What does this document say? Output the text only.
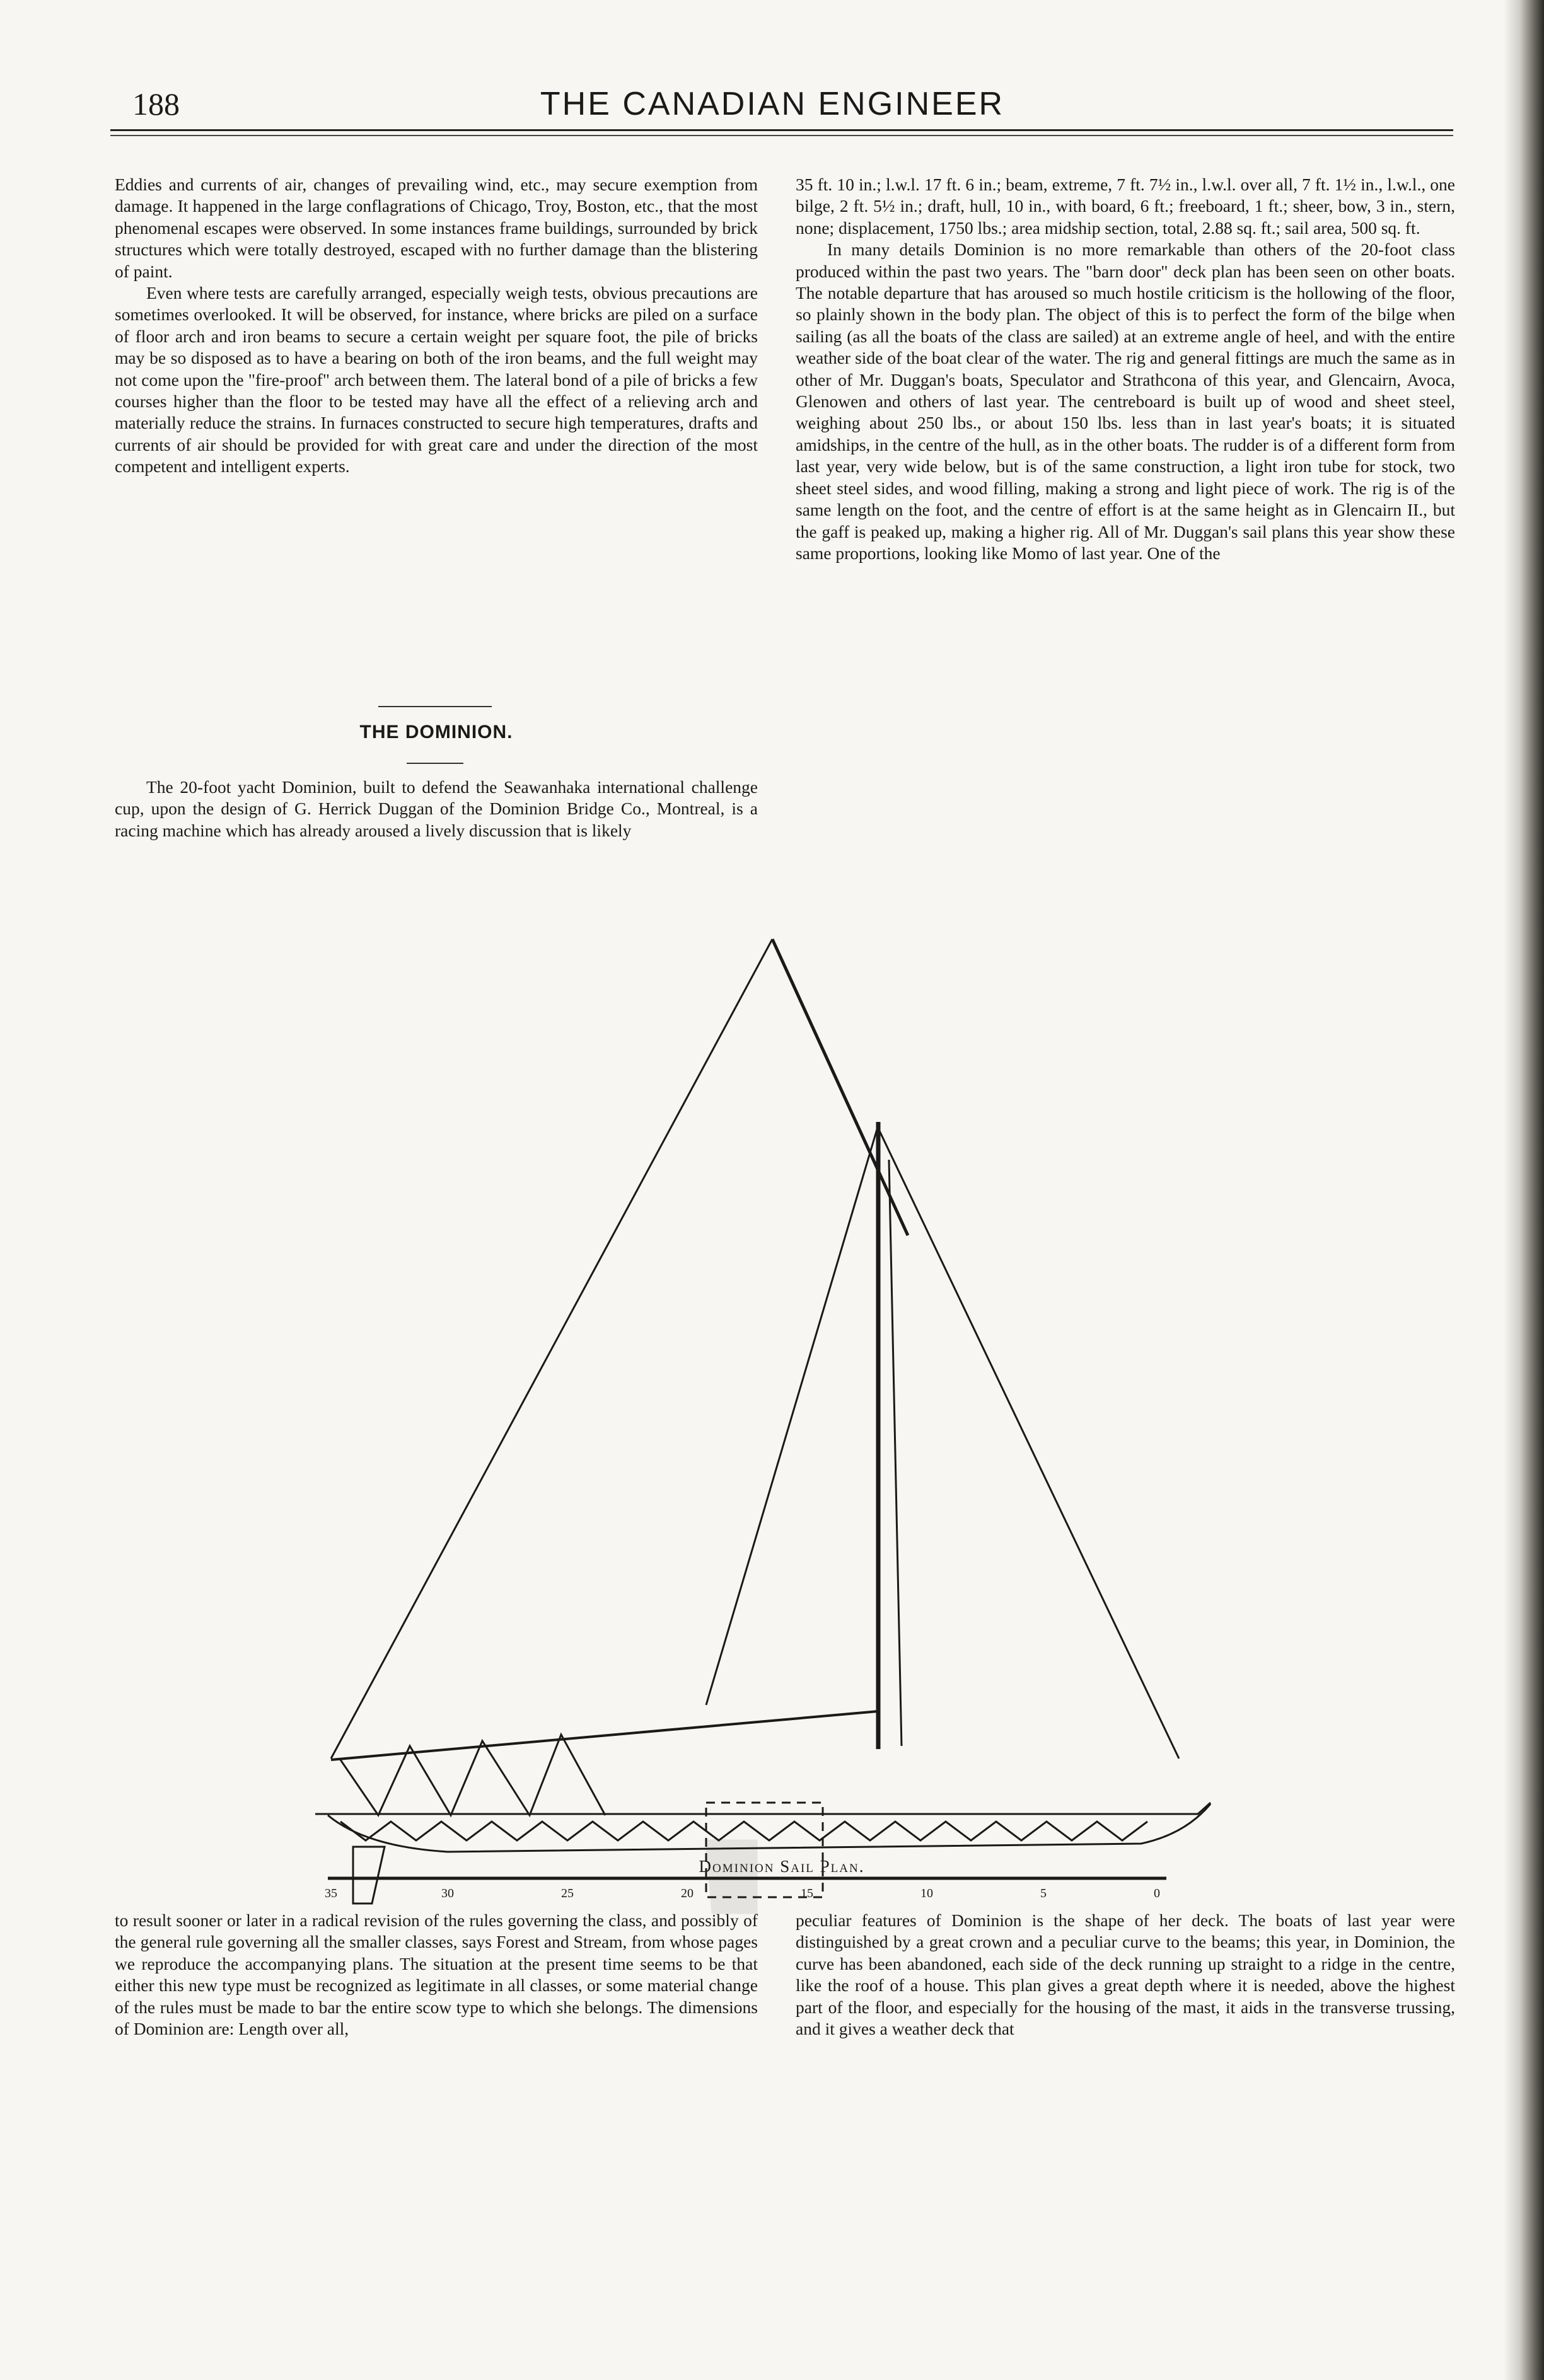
188	THE CANADIAN ENGINEER

Eddies and currents of air, changes of prevailing wind, etc., may secure exemption from damage. It happened in the large conflagrations of Chicago, Troy, Boston, etc., that the most phenomenal escapes were observed. In some instances frame buildings, surrounded by brick structures which were totally destroyed, escaped with no further damage than the blistering of paint.

Even where tests are carefully arranged, especially weigh tests, obvious precautions are sometimes overlooked. It will be observed, for instance, where bricks are piled on a surface of floor arch and iron beams to secure a certain weight per square foot, the pile of bricks may be so disposed as to have a bearing on both of the iron beams, and the full weight may not come upon the "fire-proof" arch between them. The lateral bond of a pile of bricks a few courses higher than the floor to be tested may have all the effect of a relieving arch and materially reduce the strains. In furnaces constructed to secure high temperatures, drafts and currents of air should be provided for with great care and under the direction of the most competent and intelligent experts.

THE DOMINION.

The 20-foot yacht Dominion, built to defend the Seawanhaka international challenge cup, upon the design of G. Herrick Duggan of the Dominion Bridge Co., Montreal, is a racing machine which has already aroused a lively discussion that is likely

35 ft. 10 in.; l.w.l. 17 ft. 6 in.; beam, extreme, 7 ft. 7½ in., l.w.l. over all, 7 ft. 1½ in., l.w.l., one bilge, 2 ft. 5½ in.; draft, hull, 10 in., with board, 6 ft.; freeboard, 1 ft.; sheer, bow, 3 in., stern, none; displacement, 1750 lbs.; area midship section, total, 2.88 sq. ft.; sail area, 500 sq. ft.

In many details Dominion is no more remarkable than others of the 20-foot class produced within the past two years. The "barn door" deck plan has been seen on other boats. The notable departure that has aroused so much hostile criticism is the hollowing of the floor, so plainly shown in the body plan. The object of this is to perfect the form of the bilge when sailing (as all the boats of the class are sailed) at an extreme angle of heel, and with the entire weather side of the boat clear of the water. The rig and general fittings are much the same as in other of Mr. Duggan's boats, Speculator and Strathcona of this year, and Glencairn, Avoca, Glenowen and others of last year. The centreboard is built up of wood and sheet steel, weighing about 250 lbs., or about 150 lbs. less than in last year's boats; it is situated amidships, in the centre of the hull, as in the other boats. The rudder is of a different form from last year, very wide below, but is of the same construction, a light iron tube for stock, two sheet steel sides, and wood filling, making a strong and light piece of work. The rig is of the same length on the foot, and the centre of effort is at the same height as in Glencairn II., but the gaff is peaked up, making a higher rig. All of Mr. Duggan's sail plans this year show these same proportions, looking like Momo of last year. One of the

35	30	25	20	15	10	5	0
Dominion Sail Plan.

to result sooner or later in a radical revision of the rules governing the class, and possibly of the general rule governing all the smaller classes, says Forest and Stream, from whose pages we reproduce the accompanying plans. The situation at the present time seems to be that either this new type must be recognized as legitimate in all classes, or some material change of the rules must be made to bar the entire scow type to which she belongs. The dimensions of Dominion are: Length over all,

peculiar features of Dominion is the shape of her deck. The boats of last year were distinguished by a great crown and a peculiar curve to the beams; this year, in Dominion, the curve has been abandoned, each side of the deck running up straight to a ridge in the centre, like the roof of a house. This plan gives a great depth where it is needed, above the highest part of the floor, and especially for the housing of the mast, it aids in the transverse trussing, and it gives a weather deck that
